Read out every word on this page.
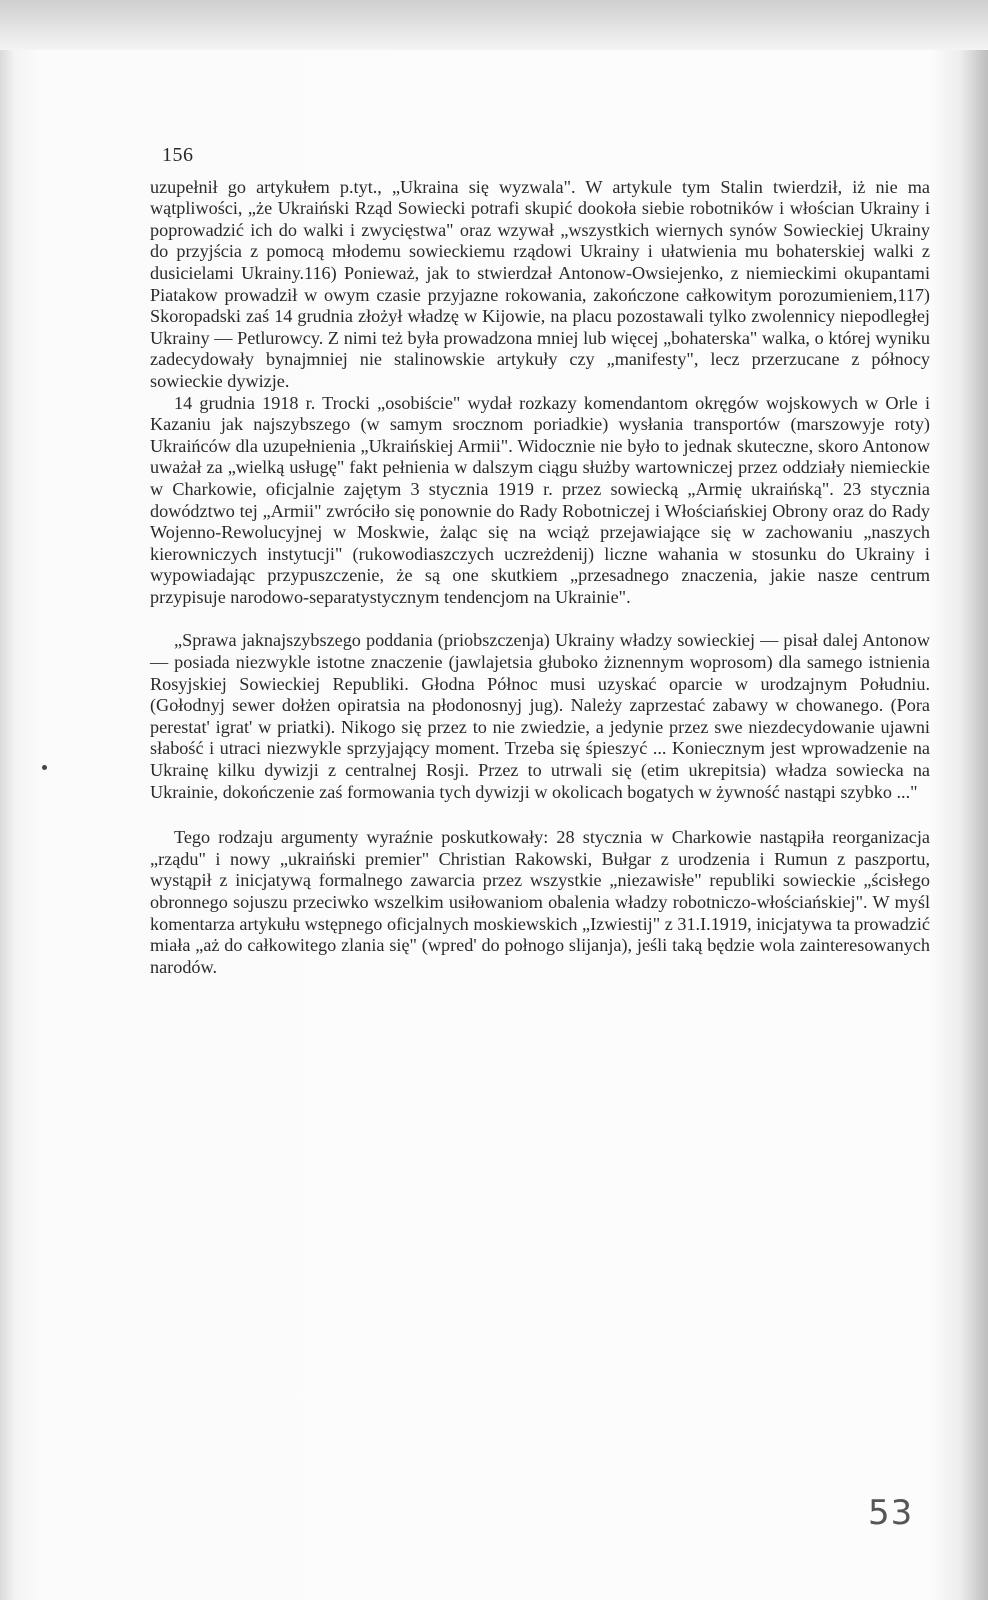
156

uzupełnił go artykułem p.tyt., „Ukraina się wyzwala". W artykule tym Stalin twierdził, iż nie ma wątpliwości, „że Ukraiński Rząd Sowiecki potrafi skupić dookoła siebie robotników i włościan Ukrainy i poprowadzić ich do walki i zwycięstwa" oraz wzywał „wszystkich wiernych synów Sowieckiej Ukrainy do przyjścia z pomocą młodemu sowieckiemu rządowi Ukrainy i ułatwienia mu bohaterskiej walki z dusicielami Ukrainy.116) Ponieważ, jak to stwierdzał Antonow-Owsiejenko, z niemieckimi okupantami Piatakow prowadził w owym czasie przyjazne rokowania, zakończone całkowitym porozumieniem,117) Skoropadski zaś 14 grudnia złożył władzę w Kijowie, na placu pozostawali tylko zwolennicy niepodległej Ukrainy — Petlurowcy. Z nimi też była prowadzona mniej lub więcej „bohaterska" walka, o której wyniku zadecydowały bynajmniej nie stalinowskie artykuły czy „manifesty", lecz przerzucane z północy sowieckie dywizje.

14 grudnia 1918 r. Trocki „osobiście" wydał rozkazy komendantom okręgów wojskowych w Orle i Kazaniu jak najszybszego (w samym srocznom poriadkie) wysłania transportów (marszowyje roty) Ukraińców dla uzupełnienia „Ukraińskiej Armii". Widocznie nie było to jednak skuteczne, skoro Antonow uważał za „wielką usługę" fakt pełnienia w dalszym ciągu służby wartowniczej przez oddziały niemieckie w Charkowie, oficjalnie zajętym 3 stycznia 1919 r. przez sowiecką „Armię ukraińską". 23 stycznia dowództwo tej „Armii" zwróciło się ponownie do Rady Robotniczej i Włościańskiej Obrony oraz do Rady Wojenno-Rewolucyjnej w Moskwie, żaląc się na wciąż przejawiające się w zachowaniu „naszych kierowniczych instytucji" (rukowodiaszczych uczreżdenij) liczne wahania w stosunku do Ukrainy i wypowiadając przypuszczenie, że są one skutkiem „przesadnego znaczenia, jakie nasze centrum przypisuje narodowo-separatystycznym tendencjom na Ukrainie".

„Sprawa jaknajszybszego poddania (priobszczenja) Ukrainy władzy sowieckiej — pisał dalej Antonow — posiada niezwykle istotne znaczenie (jawlajetsia głuboko żiznennym woprosom) dla samego istnienia Rosyjskiej Sowieckiej Republiki. Głodna Północ musi uzyskać oparcie w urodzajnym Południu. (Gołodnyj sewer dołżen opiratsia na płodonosnyj jug). Należy zaprzestać zabawy w chowanego. (Pora perestat' igrat' w priatki). Nikogo się przez to nie zwiedzie, a jedynie przez swe niezdecydowanie ujawni słabość i utraci niezwykle sprzyjający moment. Trzeba się śpieszyć ... Koniecznym jest wprowadzenie na Ukrainę kilku dywizji z centralnej Rosji. Przez to utrwali się (etim ukrepitsia) władza sowiecka na Ukrainie, dokończenie zaś formowania tych dywizji w okolicach bogatych w żywność nastąpi szybko ..."

Tego rodzaju argumenty wyraźnie poskutkowały: 28 stycznia w Charkowie nastąpiła reorganizacja „rządu" i nowy „ukraiński premier" Christian Rakowski, Bułgar z urodzenia i Rumun z paszportu, wystąpił z inicjatywą formalnego zawarcia przez wszystkie „niezawisłe" republiki sowieckie „ścisłego obronnego sojuszu przeciwko wszelkim usiłowaniom obalenia władzy robotniczo-włościańskiej". W myśl komentarza artykułu wstępnego oficjalnych moskiewskich „Izwiestij" z 31.I.1919, inicjatywa ta prowadzić miała „aż do całkowitego zlania się" (wpred' do połnogo slijanja), jeśli taką będzie wola zainteresowanych narodów.

53
